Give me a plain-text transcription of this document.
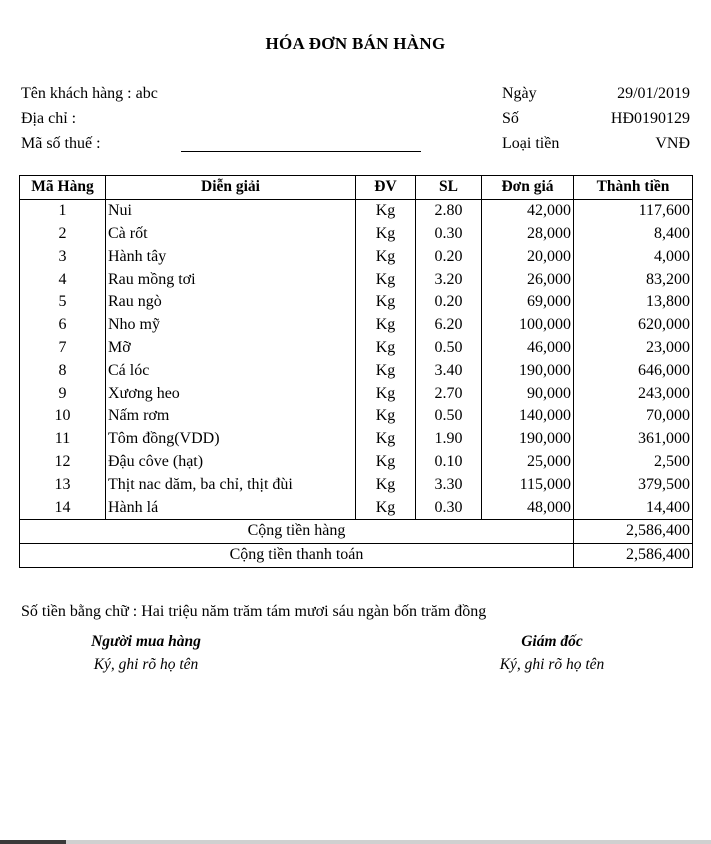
HÓA ĐƠN BÁN HÀNG
Tên khách hàng : abc
Địa chỉ :
Mã số thuế :
Ngày	29/01/2019
Số	HĐ0190129
Loại tiền	VNĐ
Mã Hàng	Diễn giải	ĐV	SL	Đơn giá	Thành tiền
1	Nui	Kg	2.80	42,000	117,600
2	Cà rốt	Kg	0.30	28,000	8,400
3	Hành tây	Kg	0.20	20,000	4,000
4	Rau mồng tơi	Kg	3.20	26,000	83,200
5	Rau ngò	Kg	0.20	69,000	13,800
6	Nho mỹ	Kg	6.20	100,000	620,000
7	Mỡ	Kg	0.50	46,000	23,000
8	Cá lóc	Kg	3.40	190,000	646,000
9	Xương heo	Kg	2.70	90,000	243,000
10	Nấm rơm	Kg	0.50	140,000	70,000
11	Tôm đồng(VDD)	Kg	1.90	190,000	361,000
12	Đậu côve (hạt)	Kg	0.10	25,000	2,500
13	Thịt nac dăm, ba chỉ, thịt đùi	Kg	3.30	115,000	379,500
14	Hành lá	Kg	0.30	48,000	14,400
Cộng tiền hàng					2,586,400
Cộng tiền thanh toán					2,586,400
Số tiền bằng chữ : Hai triệu năm trăm tám mươi sáu ngàn bốn trăm đồng
Người mua hàng
Ký, ghi rõ họ tên
Giám đốc
Ký, ghi rõ họ tên
